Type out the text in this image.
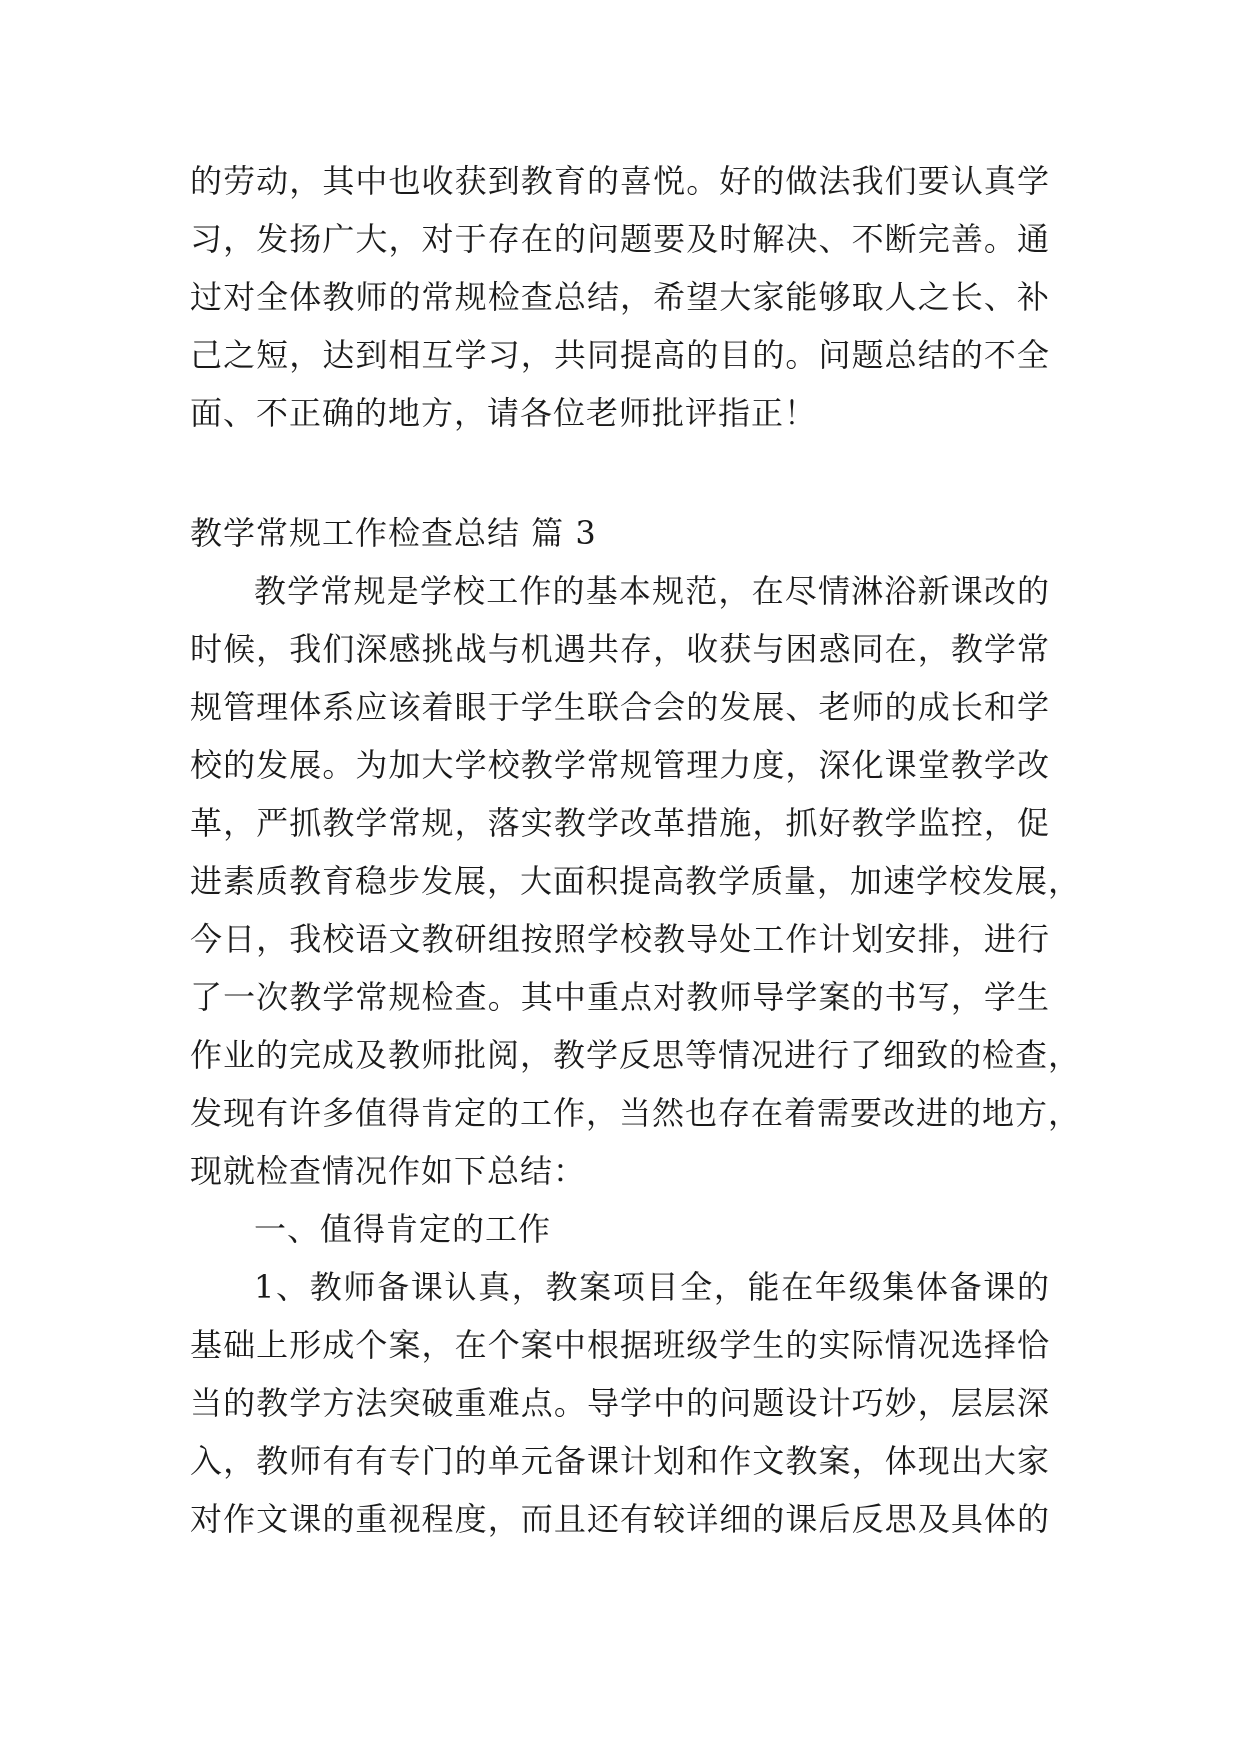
的劳动，其中也收获到教育的喜悦。好的做法我们要认真学
习，发扬广大，对于存在的问题要及时解决、不断完善。通
过对全体教师的常规检查总结，希望大家能够取人之长、补
己之短，达到相互学习，共同提高的目的。问题总结的不全
面、不正确的地方，请各位老师批评指正！
教学常规工作检查总结 篇 3
教学常规是学校工作的基本规范，在尽情淋浴新课改的
时候，我们深感挑战与机遇共存，收获与困惑同在，教学常
规管理体系应该着眼于学生联合会的发展、老师的成长和学
校的发展。为加大学校教学常规管理力度，深化课堂教学改
革，严抓教学常规，落实教学改革措施，抓好教学监控，促
进素质教育稳步发展，大面积提高教学质量，加速学校发展，
今日，我校语文教研组按照学校教导处工作计划安排，进行
了一次教学常规检查。其中重点对教师导学案的书写，学生
作业的完成及教师批阅，教学反思等情况进行了细致的检查，
发现有许多值得肯定的工作，当然也存在着需要改进的地方，
现就检查情况作如下总结：
一、值得肯定的工作
1、教师备课认真，教案项目全，能在年级集体备课的
基础上形成个案，在个案中根据班级学生的实际情况选择恰
当的教学方法突破重难点。导学中的问题设计巧妙，层层深
入，教师有有专门的单元备课计划和作文教案，体现出大家
对作文课的重视程度，而且还有较详细的课后反思及具体的
